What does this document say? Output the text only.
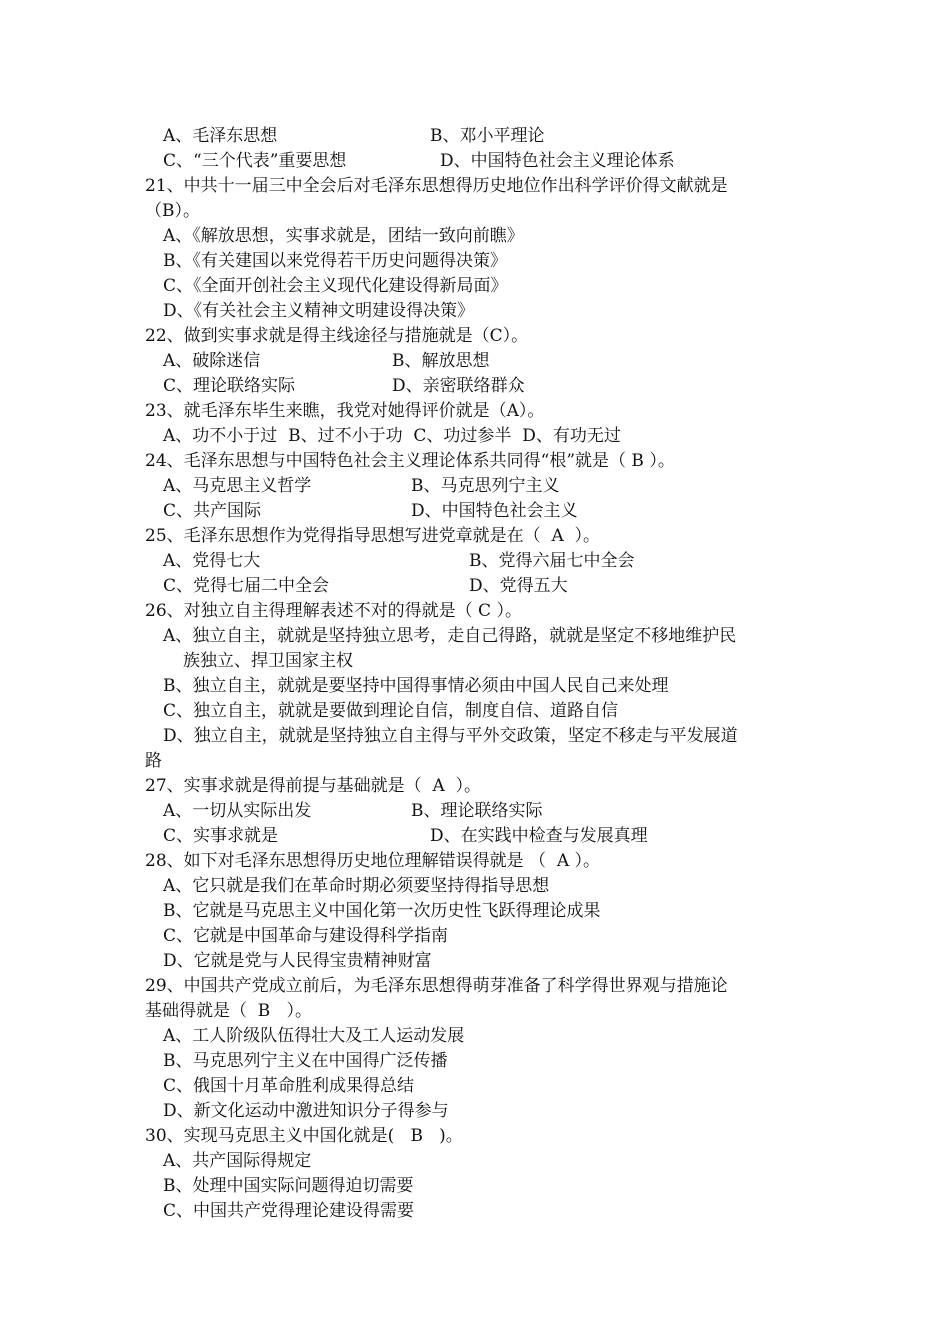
A、毛泽东思想	B、邓小平理论
C、“三个代表”重要思想	D、中国特色社会主义理论体系
21、中共十一届三中全会后对毛泽东思想得历史地位作出科学评价得文献就是
（B）。
A、《解放思想，实事求就是，团结一致向前瞧》
B、《有关建国以来党得若干历史问题得决策》
C、《全面开创社会主义现代化建设得新局面》
D、《有关社会主义精神文明建设得决策》
22、做到实事求就是得主线途径与措施就是（C）。
A、破除迷信	B、解放思想
C、理论联络实际	D、亲密联络群众
23、就毛泽东毕生来瞧，我党对她得评价就是（A）。
A、功不小于过  B、过不小于功  C、功过参半  D、有功无过
24、毛泽东思想与中国特色社会主义理论体系共同得“根”就是（ B ）。
A、马克思主义哲学	B、马克思列宁主义
C、共产国际	D、中国特色社会主义
25、毛泽东思想作为党得指导思想写进党章就是在（  A  ）。
A、党得七大	B、党得六届七中全会
C、党得七届二中全会	D、党得五大
26、对独立自主得理解表述不对的得就是（ C ）。
A、独立自主，就就是坚持独立思考，走自己得路，就就是坚定不移地维护民
族独立、捍卫国家主权
B、独立自主，就就是要坚持中国得事情必须由中国人民自己来处理
C、独立自主，就就是要做到理论自信，制度自信、道路自信
D、独立自主，就就是坚持独立自主得与平外交政策，坚定不移走与平发展道
路
27、实事求就是得前提与基础就是（  A  ）。
A、一切从实际出发	B、理论联络实际
C、实事求就是	D、在实践中检查与发展真理
28、如下对毛泽东思想得历史地位理解错误得就是 （  A ）。
A、它只就是我们在革命时期必须要坚持得指导思想
B、它就是马克思主义中国化第一次历史性飞跃得理论成果
C、它就是中国革命与建设得科学指南
D、它就是党与人民得宝贵精神财富
29、中国共产党成立前后，为毛泽东思想得萌芽准备了科学得世界观与措施论
基础得就是（  B   ）。
A、工人阶级队伍得壮大及工人运动发展
B、马克思列宁主义在中国得广泛传播
C、俄国十月革命胜利成果得总结
D、新文化运动中激进知识分子得参与
30、实现马克思主义中国化就是(   B   )。
A、共产国际得规定
B、处理中国实际问题得迫切需要
C、中国共产党得理论建设得需要
